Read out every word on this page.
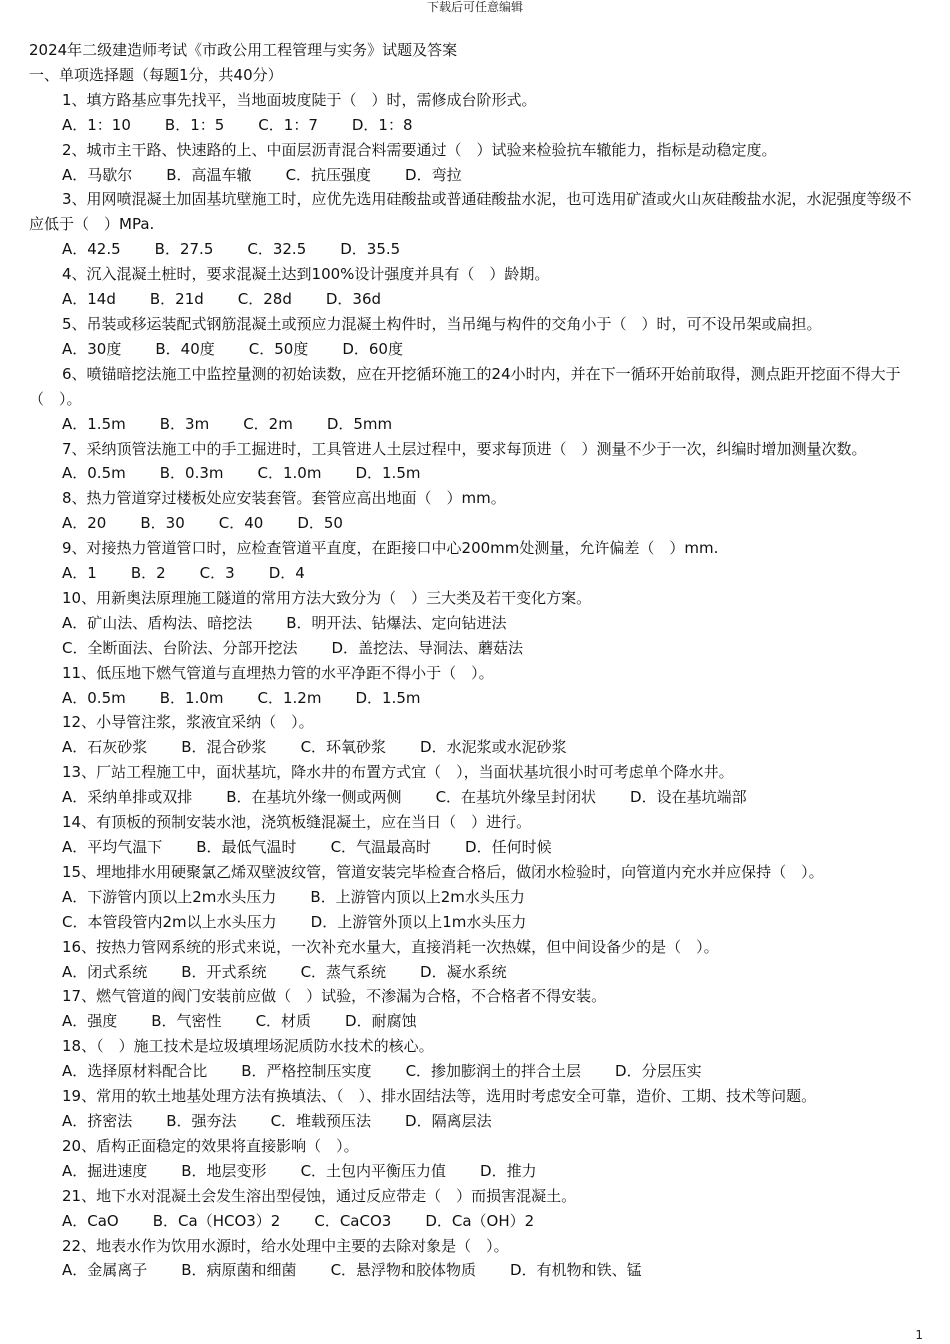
下载后可任意编辑
2024年二级建造师考试《市政公用工程管理与实务》试题及答案
一、单项选择题（每题1分，共40分）
1、填方路基应事先找平，当地面坡度陡于（　）时，需修成台阶形式。
A．1：10 B．1：5 C．1：7 D．1：8
2、城市主干路、快速路的上、中面层沥青混合料需要通过（　）试验来检验抗车辙能力，指标是动稳定度。
A．马歇尔 B．高温车辙 C．抗压强度 D．弯拉
3、用网喷混凝土加固基坑壁施工时，应优先选用硅酸盐或普通硅酸盐水泥，也可选用矿渣或火山灰硅酸盐水泥，水泥强度等级不应低于（　）MPa.
A．42.5 B．27.5 C．32.5 D．35.5
4、沉入混凝土桩时，要求混凝土达到100%设计强度并具有（　）龄期。
A．14d B．21d C．28d D．36d
5、吊装或移运装配式钢筋混凝土或预应力混凝土构件时，当吊绳与构件的交角小于（　）时，可不设吊架或扁担。
A．30度 B．40度 C．50度 D．60度
6、喷锚暗挖法施工中监控量测的初始读数，应在开挖循环施工的24小时内，并在下一循环开始前取得，测点距开挖面不得大于（　）。
A．1.5m B．3m C．2m D．5mm
7、采纳顶管法施工中的手工掘进时，工具管进人土层过程中，要求每顶进（　）测量不少于一次，纠编时增加测量次数。
A．0.5m B．0.3m C．1.0m D．1.5m
8、热力管道穿过楼板处应安装套管。套管应高出地面（　）mm。
A．20 B．30 C．40 D．50
9、对接热力管道管口时，应检查管道平直度，在距接口中心200mm处测量，允许偏差（　）mm.
A．1 B．2 C．3 D．4
10、用新奥法原理施工隧道的常用方法大致分为（　）三大类及若干变化方案。
A．矿山法、盾构法、暗挖法 B．明开法、钻爆法、定向钻进法
C．全断面法、台阶法、分部开挖法 D．盖挖法、导洞法、蘑菇法
11、低压地下燃气管道与直埋热力管的水平净距不得小于（　）。
A．0.5m B．1.0m C．1.2m D．1.5m
12、小导管注浆，浆液宜采纳（　）。
A．石灰砂浆 B．混合砂浆 C．环氧砂浆 D．水泥浆或水泥砂浆
13、厂站工程施工中，面状基坑，降水井的布置方式宜（　），当面状基坑很小时可考虑单个降水井。
A．采纳单排或双排 B．在基坑外缘一侧或两侧 C．在基坑外缘呈封闭状 D．设在基坑端部
14、有顶板的预制安装水池，浇筑板缝混凝土，应在当日（　）进行。
A．平均气温下 B．最低气温时 C．气温最高时 D．任何时候
15、埋地排水用硬聚氯乙烯双壁波纹管，管道安装完毕检查合格后，做闭水检验时，向管道内充水并应保持（　）。
A．下游管内顶以上2m水头压力 B．上游管内顶以上2m水头压力
C．本管段管内2m以上水头压力 D．上游管外顶以上1m水头压力
16、按热力管网系统的形式来说，一次补充水量大，直接消耗一次热媒，但中间设备少的是（　）。
A．闭式系统 B．开式系统 C．蒸气系统 D．凝水系统
17、燃气管道的阀门安装前应做（　）试验，不渗漏为合格，不合格者不得安装。
A．强度 B．气密性 C．材质 D．耐腐蚀
18、（　）施工技术是垃圾填埋场泥质防水技术的核心。
A．选择原材料配合比 B．严格控制压实度 C．掺加膨润土的拌合土层 D．分层压实
19、常用的软土地基处理方法有换填法、（　）、排水固结法等，选用时考虑安全可靠，造价、工期、技术等问题。
A．挤密法 B．强夯法 C．堆载预压法 D．隔离层法
20、盾构正面稳定的效果将直接影响（　）。
A．掘进速度 B．地层变形 C．土包内平衡压力值 D．推力
21、地下水对混凝土会发生溶出型侵蚀，通过反应带走（　）而损害混凝土。
A．CaO B．Ca（HCO3）2 C．CaCO3 D．Ca（OH）2
22、地表水作为饮用水源时，给水处理中主要的去除对象是（　）。
A．金属离子 B．病原菌和细菌 C．悬浮物和胶体物质 D．有机物和铁、锰
1
